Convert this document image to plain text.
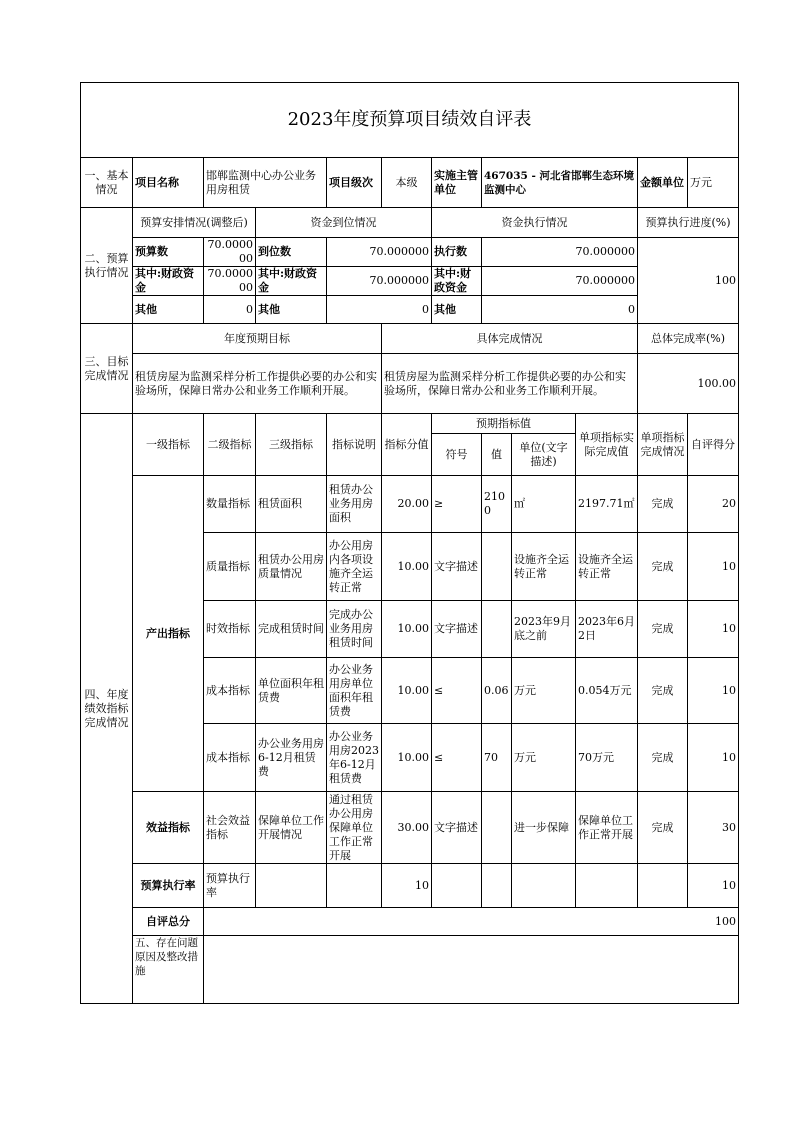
2023年度预算项目绩效自评表											
一、基本情况	项目名称	邯郸监测中心办公业务用房租赁		项目级次	本级	实施主管单位	467035 - 河北省邯郸生态环境监测中心			金额单位	万元
二、预算执行情况	预算安排情况(调整后)		资金到位情况			资金执行情况				预算执行进度(%)	
	预算数	70.000000	到位数	70.000000		执行数	70.000000			100	
	其中:财政资金	70.000000	其中:财政资金	70.000000		其中:财政资金	70.000000				
	其他	0	其他	0		其他	0				
三、目标完成情况	年度预期目标				具体完成情况					总体完成率(%)	
	租赁房屋为监测采样分析工作提供必要的办公和实验场所，保障日常办公和业务工作顺利开展。				租赁房屋为监测采样分析工作提供必要的办公和实验场所，保障日常办公和业务工作顺利开展。					100.00	
四、年度绩效指标完成情况	一级指标	二级指标	三级指标	指标说明	指标分值	预期指标值			单项指标实际完成值	单项指标完成情况	自评得分
						符号	值	单位(文字描述)			
	产出指标	数量指标	租赁面积	租赁办公业务用房面积	20.00	≥	2100	㎡	2197.71㎡	完成	20
		质量指标	租赁办公用房质量情况	办公用房内各项设施齐全运转正常	10.00	文字描述		设施齐全运转正常	设施齐全运转正常	完成	10
		时效指标	完成租赁时间	完成办公业务用房租赁时间	10.00	文字描述		2023年9月底之前	2023年6月2日	完成	10
		成本指标	单位面积年租赁费	办公业务用房单位面积年租赁费	10.00	≤	0.06	万元	0.054万元	完成	10
		成本指标	办公业务用房6-12月租赁费	办公业务用房2023年6-12月租赁费	10.00	≤	70	万元	70万元	完成	10
	效益指标	社会效益指标	保障单位工作开展情况	通过租赁办公用房保障单位工作正常开展	30.00	文字描述		进一步保障	保障单位工作正常开展	完成	30
	预算执行率	预算执行率			10						10
	自评总分	100									
	五、存在问题原因及整改措施										
